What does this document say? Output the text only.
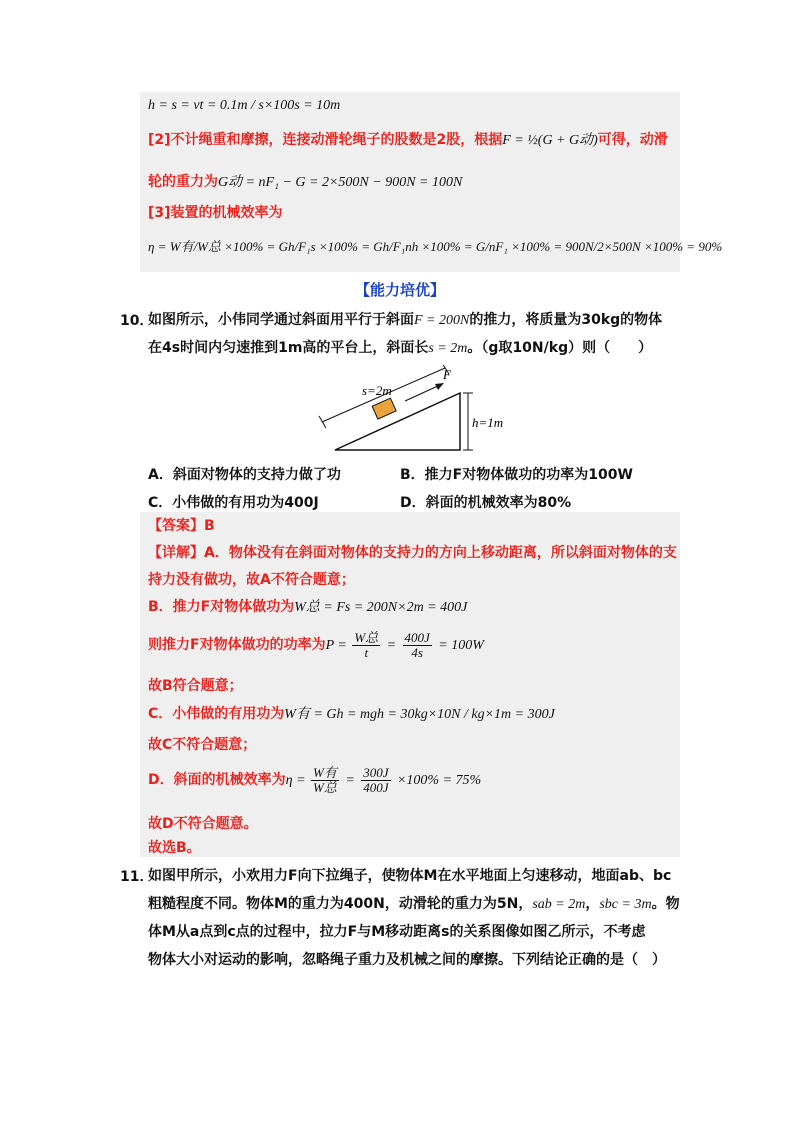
h = s = vt = 0.1m / s×100s = 10m
[2]不计绳重和摩擦，连接动滑轮绳子的股数是2股，根据F = ½(G + G动)可得，动滑
轮的重力为G动 = nF₁ − G = 2×500N − 900N = 100N
[3]装置的机械效率为
η = W有/W总 ×100% = Gh/F₁s ×100% = Gh/F₁nh ×100% = G/nF₁ ×100% = 900N/2×500N ×100% = 90%
【能力培优】
10．
如图所示，小伟同学通过斜面用平行于斜面F = 200N的推力，将质量为30kg的物体
在4s时间内匀速推到1m高的平台上，斜面长s = 2m。（g取10N/kg）则（　　）
s=2m
F
h=1m
A．斜面对物体的支持力做了功	B．推力F对物体做功的功率为100W
C．小伟做的有用功为400J	D．斜面的机械效率为80%
【答案】B
【详解】A．物体没有在斜面对物体的支持力的方向上移动距离，所以斜面对物体的支
持力没有做功，故A不符合题意；
B．推力F对物体做功为W总 = Fs = 200N×2m = 400J
则推力F对物体做功的功率为$P = \frac{\text{W总}}{t} = \frac{400J}{4s} = 100W$
故B符合题意；
C．小伟做的有用功为W有 = Gh = mgh = 30kg×10N / kg×1m = 300J
故C不符合题意；
D．斜面的机械效率为$\eta = \frac{\text{W有}}{\text{W总}} = \frac{300J}{400J} \times 100\% = 75\%$
故D不符合题意。
故选B。
11．
如图甲所示，小欢用力F向下拉绳子，使物体M在水平地面上匀速移动，地面ab、bc
粗糙程度不同。物体M的重力为400N，动滑轮的重力为5N，sab = 2m，sbc = 3m。物
体M从a点到c点的过程中，拉力F与M移动距离s的关系图像如图乙所示，不考虑
物体大小对运动的影响，忽略绳子重力及机械之间的摩擦。下列结论正确的是（　）
